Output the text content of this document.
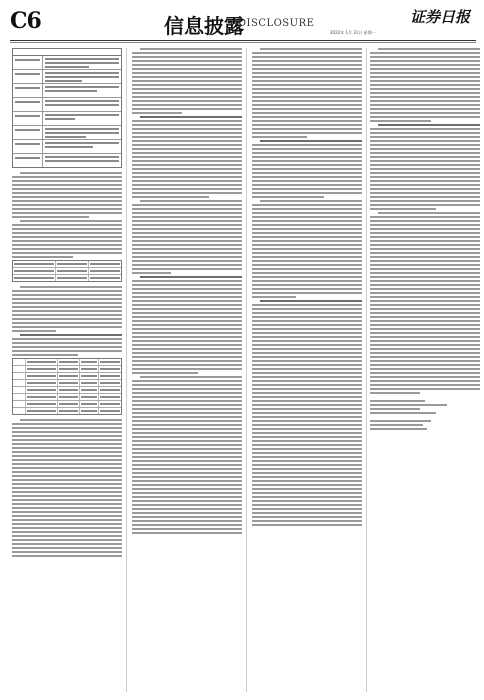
C6	信息披露
DISCLOSURE	证券日报
2022年 1月 31日 星期一
